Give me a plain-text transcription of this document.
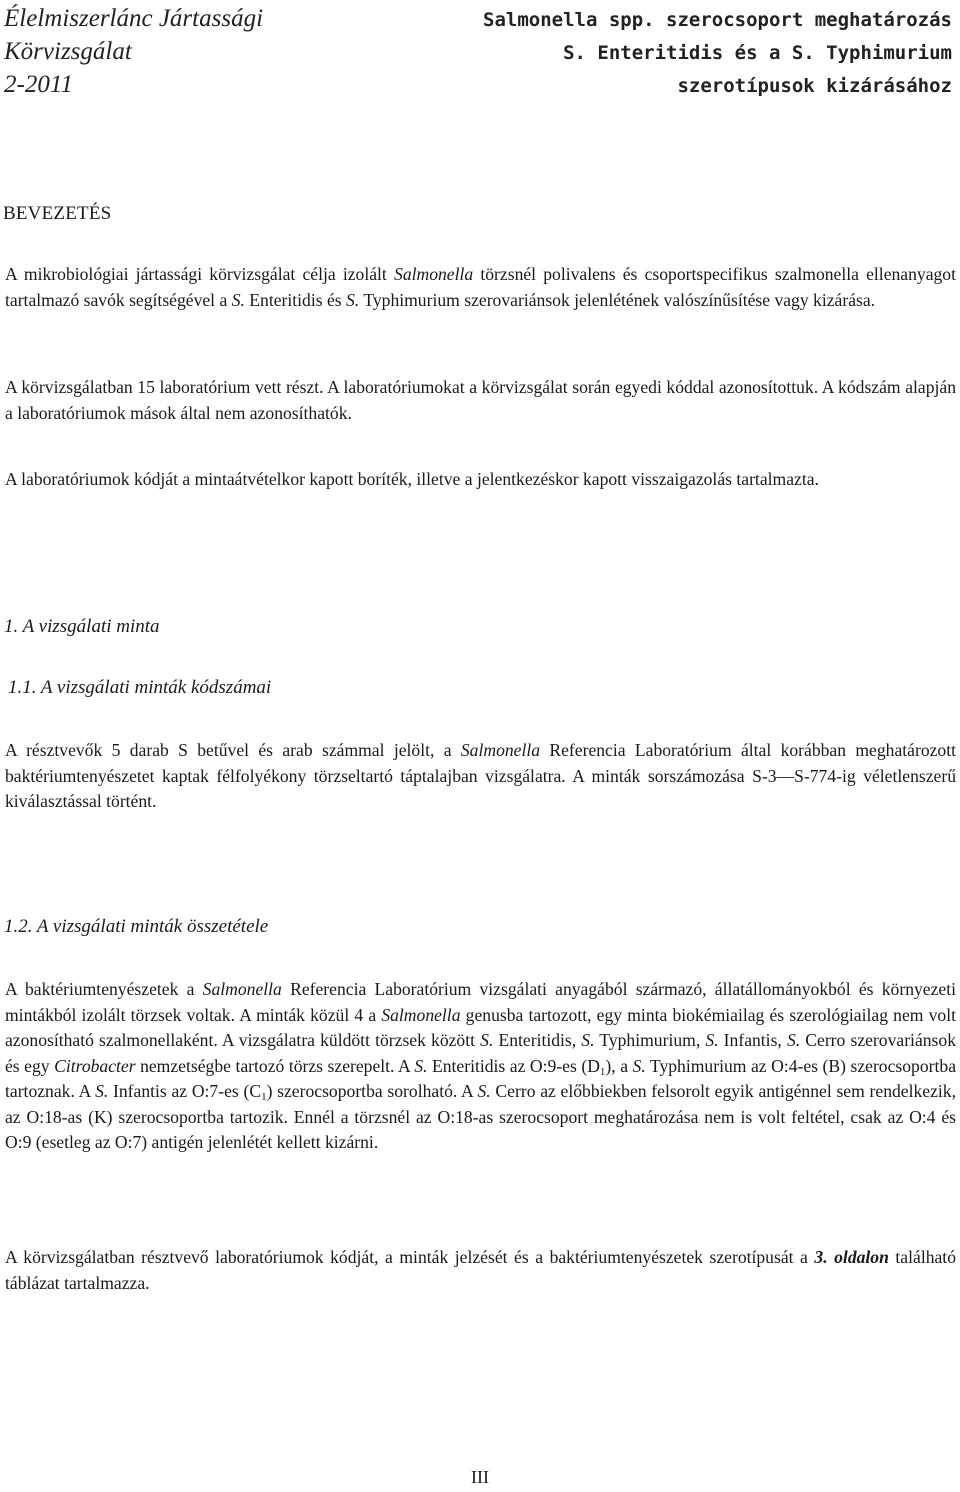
Élelmiszerlánc Jártassági
Körvizsgálat
2-2011
Salmonella spp. szerocsoport meghatározás
S. Enteritidis és a S. Typhimurium
szerotípusok kizárásához
BEVEZETÉS

A mikrobiológiai jártassági körvizsgálat célja izolált Salmonella törzsnél polivalens és csoportspecifikus szalmonella ellenanyagot tartalmazó savók segítségével a S. Enteritidis és S. Typhimurium szerovariánsok jelenlétének valószínűsítése vagy kizárása.

A körvizsgálatban 15 laboratórium vett részt. A laboratóriumokat a körvizsgálat során egyedi kóddal azonosítottuk. A kódszám alapján a laboratóriumok mások által nem azonosíthatók.

A laboratóriumok kódját a mintaátvételkor kapott boríték, illetve a jelentkezéskor kapott visszaigazolás tartalmazta.

1. A vizsgálati minta
1.1. A vizsgálati minták kódszámai

A résztvevők 5 darab S betűvel és arab számmal jelölt, a Salmonella Referencia Laboratórium által korábban meghatározott baktériumtenyészetet kaptak félfolyékony törzseltartó táptalajban vizsgálatra. A minták sorszámozása S-3—S-774-ig véletlenszerű kiválasztással történt.

1.2. A vizsgálati minták összetétele

A baktériumtenyészetek a Salmonella Referencia Laboratórium vizsgálati anyagából származó, állatállományokból és környezeti mintákból izolált törzsek voltak. A minták közül 4 a Salmonella genusba tartozott, egy minta biokémiailag és szerológiailag nem volt azonosítható szalmonellaként. A vizsgálatra küldött törzsek között S. Enteritidis, S. Typhimurium, S. Infantis, S. Cerro szerovariánsok és egy Citrobacter nemzetségbe tartozó törzs szerepelt. A S. Enteritidis az O:9-es $(D_1)$, a S. Typhimurium az O:4-es (B) szerocsoportba tartoznak. A S. Infantis az O:7-es $(C_1)$ szerocsoportba sorolható. A S. Cerro az előbbiekben felsorolt egyik antigénnel sem rendelkezik, az O:18-as (K) szerocsoportba tartozik. Ennél a törzsnél az O:18-as szerocsoport meghatározása nem is volt feltétel, csak az O:4 és O:9 (esetleg az O:7) antigén jelenlétét kellett kizárni.

A körvizsgálatban résztvevő laboratóriumok kódját, a minták jelzését és a baktériumtenyészetek szerotípusát a 3. oldalon található táblázat tartalmazza.

III
